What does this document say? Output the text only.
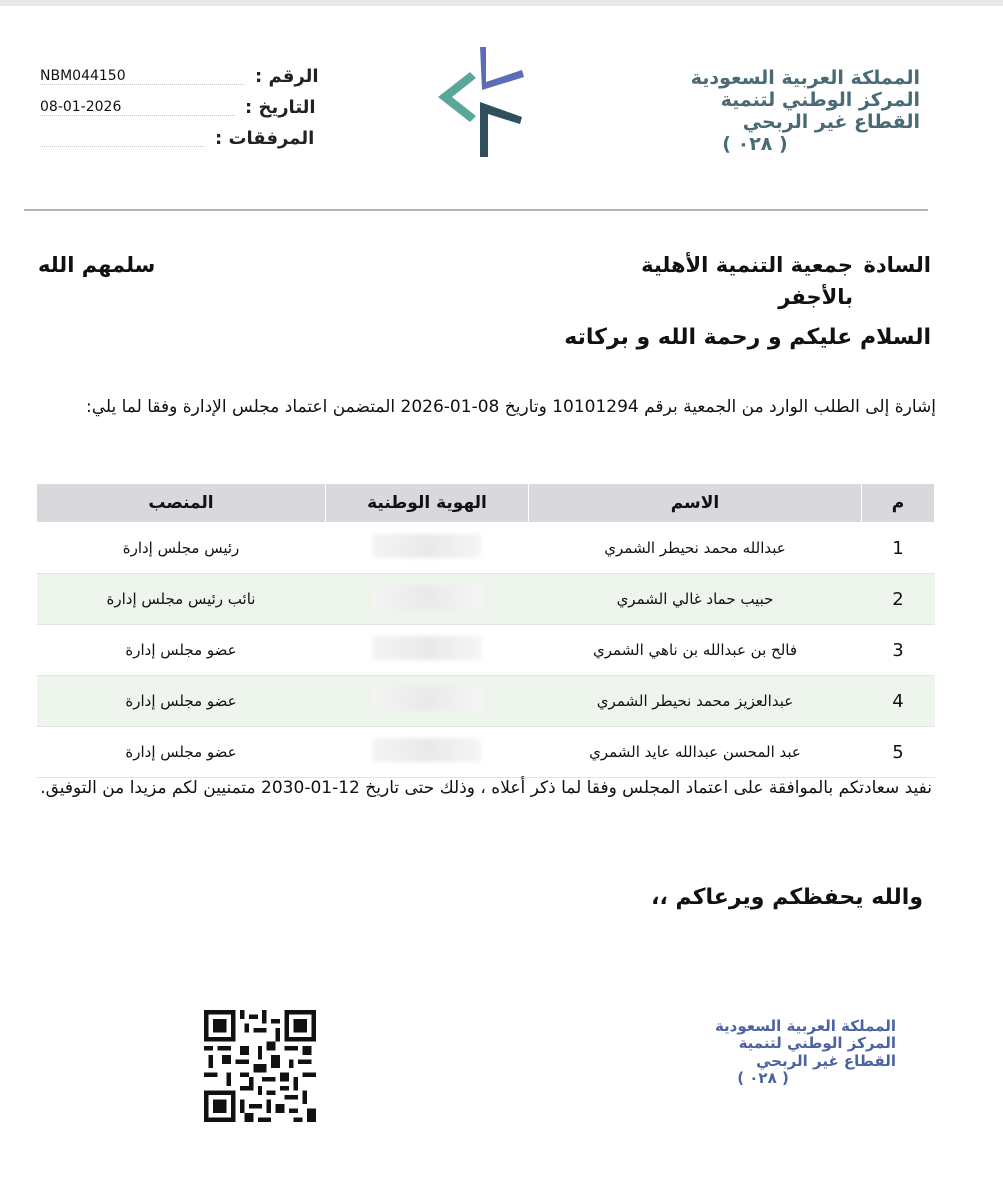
الرقم :
NBM044150
التاريخ :
08-01-2026
المرفقات :
المملكة العربية السعودية
المركز الوطني لتنمية
القطاع غير الربحي
( ٠٢٨ )
السادة
جمعية التنمية الأهلية
بالأجفر
سلمهم الله
السلام عليكم و رحمة الله و بركاته
إشارة إلى الطلب الوارد من الجمعية برقم 10101294 وتاريخ 08-01-2026 المتضمن اعتماد مجلس الإدارة وفقا لما يلي:
م	الاسم	الهوية الوطنية	المنصب
1	عبدالله محمد نحيطر الشمري		رئيس مجلس إدارة
2	حبيب حماد غالي الشمري		نائب رئيس مجلس إدارة
3	فالح بن عبدالله بن ناهي الشمري		عضو مجلس إدارة
4	عبدالعزيز محمد نحيطر الشمري		عضو مجلس إدارة
5	عبد المحسن عبدالله عايد الشمري		عضو مجلس إدارة
نفيد سعادتكم بالموافقة على اعتماد المجلس وفقا لما ذكر أعلاه ، وذلك حتى تاريخ 12-01-2030 متمنيين لكم مزيدا من التوفيق.
والله يحفظكم ويرعاكم ،،
المملكة العربية السعودية
المركز الوطني لتنمية
القطاع غير الربحي
( ٠٢٨ )
